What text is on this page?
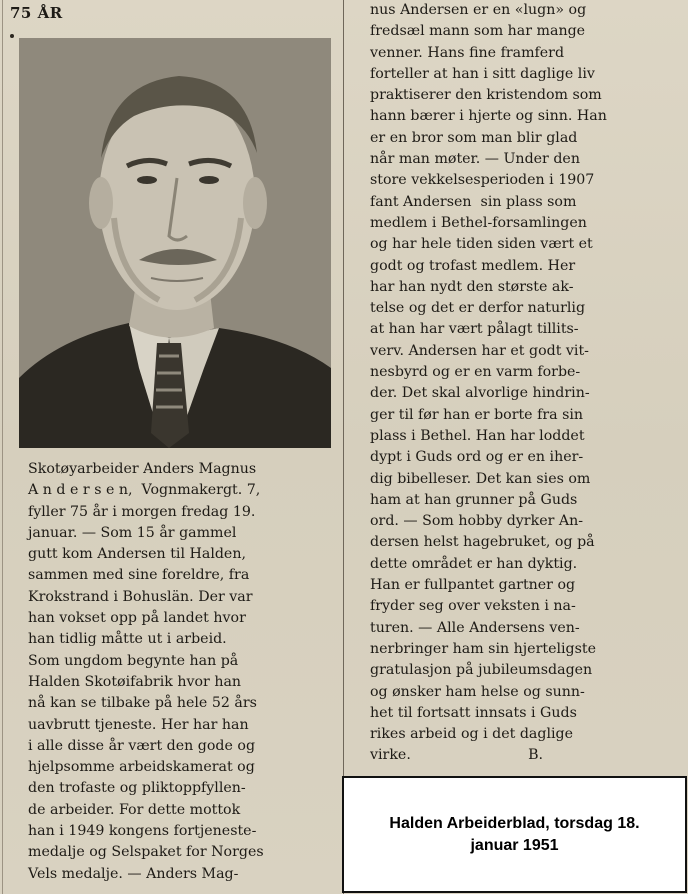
75 ÅR
Skotøyarbeider Anders Magnus
A n d e r s e n,  Vognmakergt. 7,
fyller 75 år i morgen fredag 19.
januar. — Som 15 år gammel
gutt kom Andersen til Halden,
sammen med sine foreldre, fra
Krokstrand i Bohuslän. Der var
han vokset opp på landet hvor
han tidlig måtte ut i arbeid.
Som ungdom begynte han på
Halden Skotøifabrik hvor han
nå kan se tilbake på hele 52 års
uavbrutt tjeneste. Her har han
i alle disse år vært den gode og
hjelpsomme arbeidskamerat og
den trofaste og pliktoppfyllen-
de arbeider. For dette mottok
han i 1949 kongens fortjeneste-
medalje og Selspaket for Norges
Vels medalje. — Anders Mag-
nus Andersen er en «lugn» og
fredsæl mann som har mange
venner. Hans fine framferd
forteller at han i sitt daglige liv
praktiserer den kristendom som
hann bærer i hjerte og sinn. Han
er en bror som man blir glad
når man møter. — Under den
store vekkelsesperioden i 1907
fant Andersen  sin plass som
medlem i Bethel-forsamlingen
og har hele tiden siden vært et
godt og trofast medlem. Her
har han nydt den største ak-
telse og det er derfor naturlig
at han har vært pålagt tillits-
verv. Andersen har et godt vit-
nesbyrd og er en varm forbe-
der. Det skal alvorlige hindrin-
ger til før han er borte fra sin
plass i Bethel. Han har loddet
dypt i Guds ord og er en iher-
dig bibelleser. Det kan sies om
ham at han grunner på Guds
ord. — Som hobby dyrker An-
dersen helst hagebruket, og på
dette området er han dyktig.
Han er fullpantet gartner og
fryder seg over veksten i na-
turen. — Alle Andersens ven-
nerbringer ham sin hjerteligste
gratulasjon på jubileumsdagen
og ønsker ham helse og sunn-
het til fortsatt innsats i Guds
rikes arbeid og i det daglige
virke.                          B.
Halden Arbeiderblad, torsdag 18.
januar 1951
